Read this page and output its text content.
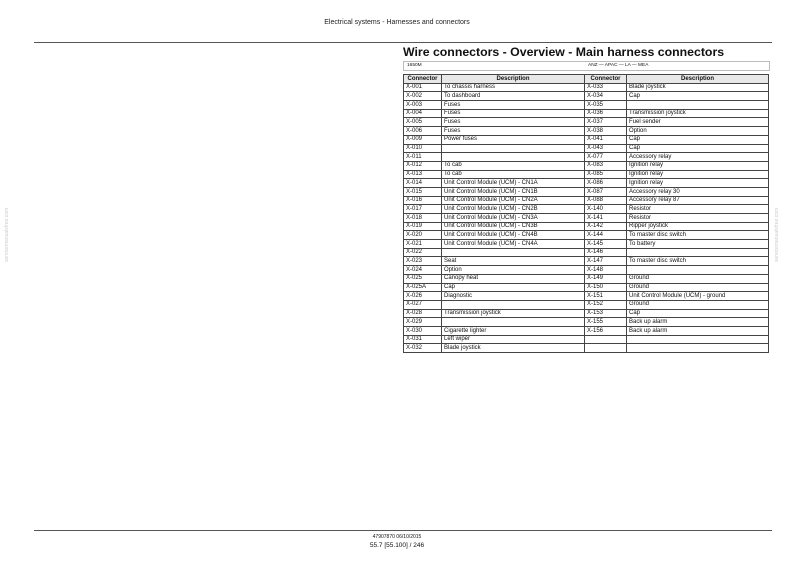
Electrical systems - Harnesses and connectors
Wire connectors - Overview - Main harness connectors
1650M	ANZ — APAC — LA — MEA
Connector	Description	Connector	Description
X-001	To chassis harness	X-033	Blade joystick
X-002	To dashboard	X-034	Cap
X-003	Fuses	X-035	
X-004	Fuses	X-036	Transmission joystick
X-005	Fuses	X-037	Fuel sender
X-006	Fuses	X-038	Option
X-009	Power fuses	X-041	Cap
X-010		X-043	Cap
X-011		X-077	Accessory relay
X-012	To cab	X-083	Ignition relay
X-013	To cab	X-085	Ignition relay
X-014	Unit Control Module (UCM) - CN1A	X-086	Ignition relay
X-015	Unit Control Module (UCM) - CN1B	X-087	Accessory relay 30
X-016	Unit Control Module (UCM) - CN2A	X-088	Accessory relay 87
X-017	Unit Control Module (UCM) - CN2B	X-140	Resistor
X-018	Unit Control Module (UCM) - CN3A	X-141	Resistor
X-019	Unit Control Module (UCM) - CN3B	X-142	Ripper joystick
X-020	Unit Control Module (UCM) - CN4B	X-144	To master disc switch
X-021	Unit Control Module (UCM) - CN4A	X-145	To battery
X-022		X-146	
X-023	Seat	X-147	To master disc switch
X-024	Option	X-148	
X-025	Canopy heat	X-149	Ground
X-025A	Cap	X-150	Ground
X-026	Diagnostic	X-151	Unit Control Module (UCM) - ground
X-027		X-152	Ground
X-028	Transmission joystick	X-153	Cap
X-029		X-155	Back up alarm
X-030	Cigarette lighter	X-156	Back up alarm
X-031	Left wiper		
X-032	Blade joystick		
47907870 06/10/2015
55.7 [55.100] / 246
servicemanualsfree.com	servicemanualsfree.com
